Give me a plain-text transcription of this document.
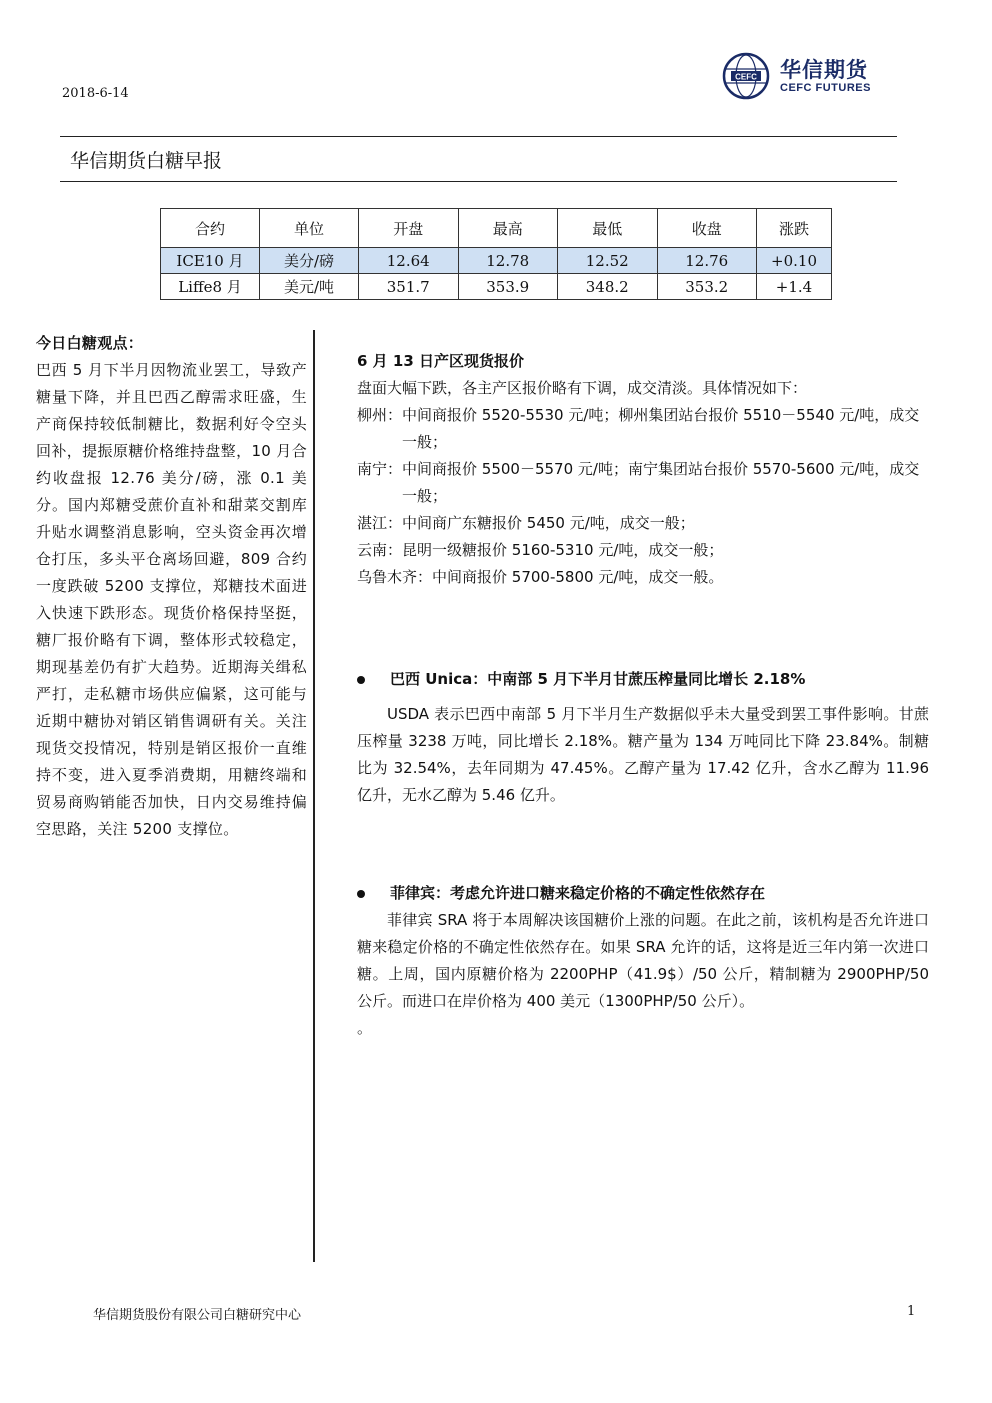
2018-6-14
CEFC 华信期货
CEFC FUTURES
华信期货白糖早报
合约	单位	开盘	最高	最低	收盘	涨跌
ICE10 月	美分/磅	12.64	12.78	12.52	12.76	+0.10
Liffe8 月	美元/吨	351.7	353.9	348.2	353.2	+1.4
今日白糖观点：
巴西 5 月下半月因物流业罢工，导致产糖量下降，并且巴西乙醇需求旺盛，生产商保持较低制糖比，数据利好令空头回补，提振原糖价格维持盘整，10 月合约收盘报 12.76 美分/磅，涨 0.1 美分。国内郑糖受蔗价直补和甜菜交割库升贴水调整消息影响，空头资金再次增仓打压，多头平仓离场回避，809 合约一度跌破 5200 支撑位，郑糖技术面进入快速下跌形态。现货价格保持坚挺，糖厂报价略有下调，整体形式较稳定，期现基差仍有扩大趋势。近期海关缉私严打，走私糖市场供应偏紧，这可能与近期中糖协对销区销售调研有关。关注现货交投情况，特别是销区报价一直维持不变，进入夏季消费期，用糖终端和贸易商购销能否加快，日内交易维持偏空思路，关注 5200 支撑位。
6 月 13 日产区现货报价
盘面大幅下跌，各主产区报价略有下调，成交清淡。具体情况如下：
柳州： 中间商报价 5520-5530 元/吨；柳州集团站台报价 5510－5540 元/吨，成交一般；
南宁： 中间商报价 5500－5570 元/吨；南宁集团站台报价 5570-5600 元/吨，成交一般；
湛江： 中间商广东糖报价 5450 元/吨，成交一般；
云南： 昆明一级糖报价 5160-5310 元/吨，成交一般；
乌鲁木齐： 中间商报价 5700-5800 元/吨，成交一般。
巴西 Unica：中南部 5 月下半月甘蔗压榨量同比增长 2.18%
USDA 表示巴西中南部 5 月下半月生产数据似乎未大量受到罢工事件影响。甘蔗压榨量 3238 万吨，同比增长 2.18%。糖产量为 134 万吨同比下降 23.84%。制糖比为 32.54%，去年同期为 47.45%。乙醇产量为 17.42 亿升，含水乙醇为 11.96 亿升，无水乙醇为 5.46 亿升。
菲律宾：考虑允许进口糖来稳定价格的不确定性依然存在
菲律宾 SRA 将于本周解决该国糖价上涨的问题。在此之前，该机构是否允许进口糖来稳定价格的不确定性依然存在。如果 SRA 允许的话，这将是近三年内第一次进口糖。上周，国内原糖价格为 2200PHP（41.9$）/50 公斤，精制糖为 2900PHP/50 公斤。而进口在岸价格为 400 美元（1300PHP/50 公斤）。
。
华信期货股份有限公司白糖研究中心	1
